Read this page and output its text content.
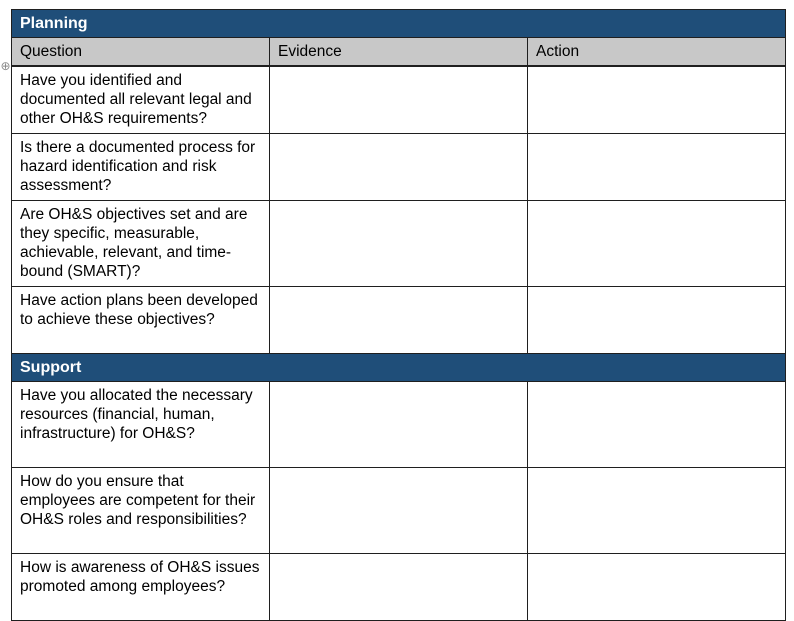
⊕
Planning		
Question	Evidence	Action
Have you identified and documented all relevant legal and other OH&S requirements?		
Is there a documented process for hazard identification and risk assessment?		
Are OH&S objectives set and are they specific, measurable, achievable, relevant, and time-bound (SMART)?		
Have action plans been developed to achieve these objectives?		
Support		
Have you allocated the necessary resources (financial, human, infrastructure) for OH&S?		
How do you ensure that employees are competent for their OH&S roles and responsibilities?		
How is awareness of OH&S issues promoted among employees?		
